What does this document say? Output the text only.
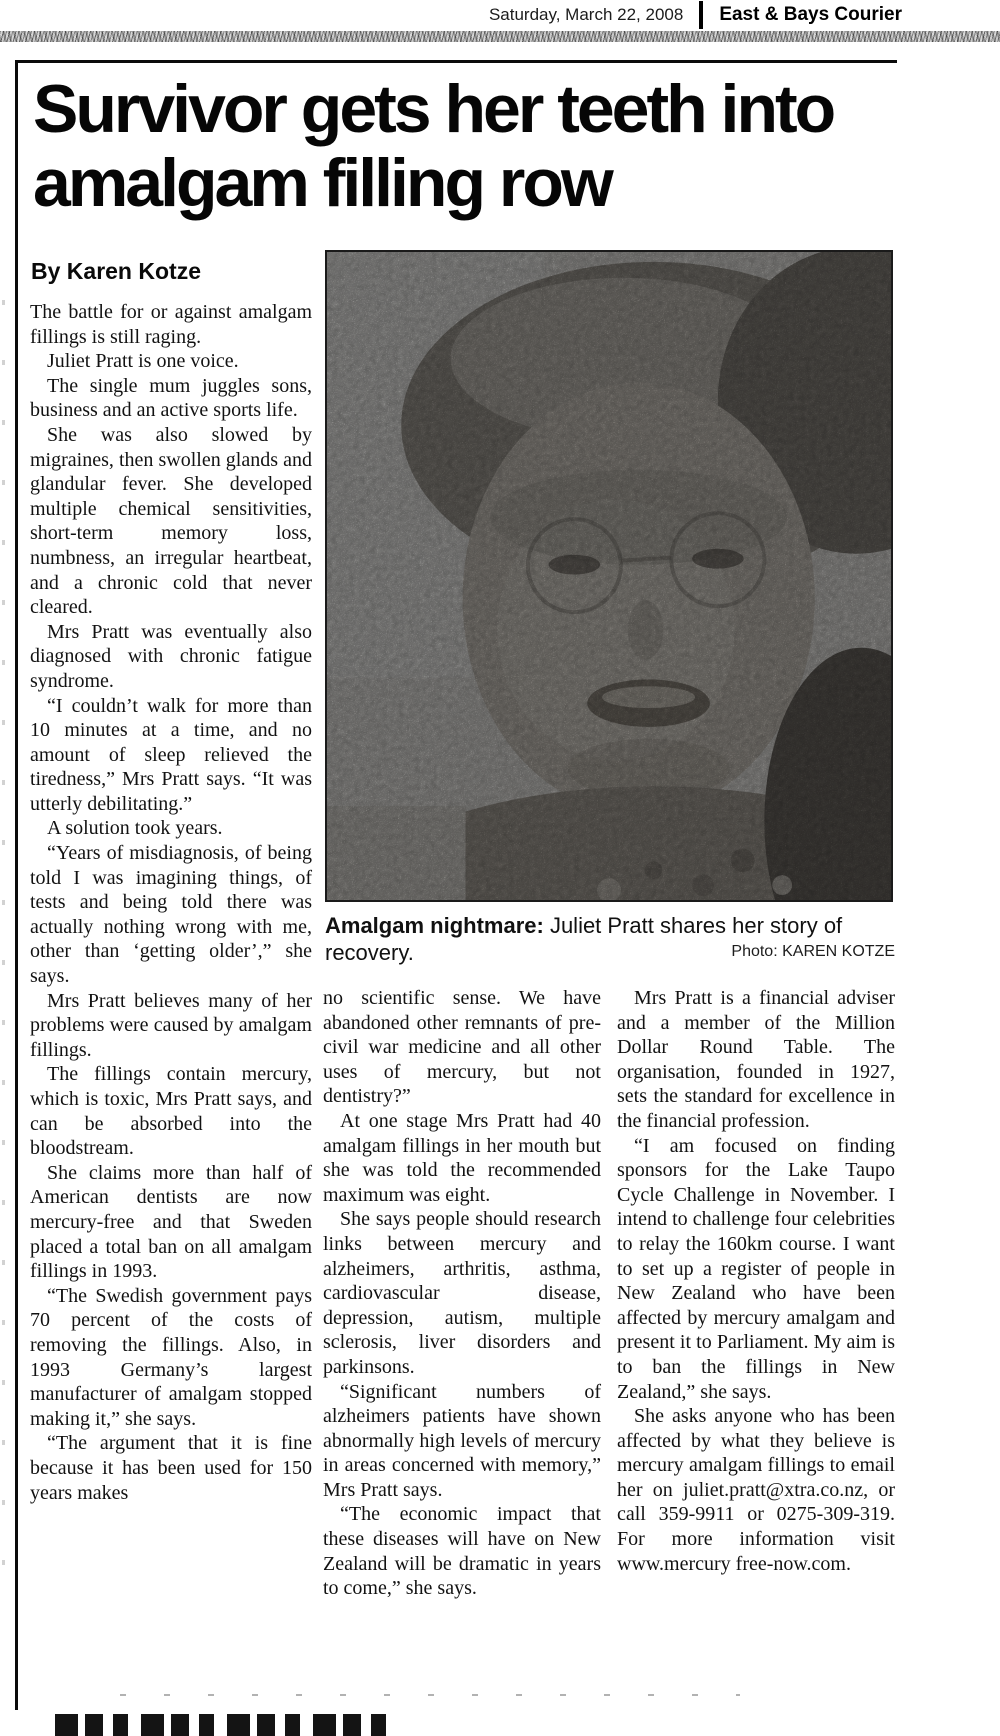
Saturday, March 22, 2008 East & Bays Courier
Survivor gets her teeth into amalgam filling row
By Karen Kotze
Amalgam nightmare: Juliet Pratt shares her story of recovery.	Photo: KAREN KOTZE

The battle for or against amalgam fillings is still raging.

Juliet Pratt is one voice.

The single mum juggles sons, business and an active sports life.

She was also slowed by migraines, then swollen glands and glandular fever. She developed multiple chemical sensitivities, short-term memory loss, numbness, an irregular heartbeat, and a chronic cold that never cleared.

Mrs Pratt was eventually also diagnosed with chronic fatigue syndrome.

“I couldn’t walk for more than 10 minutes at a time, and no amount of sleep relieved the tiredness,” Mrs Pratt says. “It was utterly debilitating.”

A solution took years.

“Years of misdiagnosis, of being told I was imagining things, of tests and being told there was actually nothing wrong with me, other than ‘getting older’,” she says.

Mrs Pratt believes many of her problems were caused by amalgam fillings.

The fillings contain mercury, which is toxic, Mrs Pratt says, and can be absorbed into the bloodstream.

She claims more than half of American dentists are now mercury-free and that Sweden placed a total ban on all amalgam fillings in 1993.

“The Swedish government pays 70 percent of the costs of removing the fillings. Also, in 1993 Germany’s largest manufacturer of amalgam stopped making it,” she says.

“The argument that it is fine because it has been used for 150 years makes

no scientific sense. We have abandoned other remnants of pre-civil war medicine and all other uses of mercury, but not dentistry?”

At one stage Mrs Pratt had 40 amalgam fillings in her mouth but she was told the recommended maximum was eight.

She says people should research links between mercury and alzheimers, arthritis, asthma, cardiovascular disease, depression, autism, multiple sclerosis, liver disorders and parkinsons.

“Significant numbers of alzheimers patients have shown abnormally high levels of mercury in areas concerned with memory,” Mrs Pratt says.

“The economic impact that these diseases will have on New Zealand will be dramatic in years to come,” she says.

Mrs Pratt is a financial adviser and a member of the Million Dollar Round Table. The organisation, founded in 1927, sets the standard for excellence in the financial profession.

“I am focused on finding sponsors for the Lake Taupo Cycle Challenge in November. I intend to challenge four celebrities to relay the 160km course. I want to set up a register of people in New Zealand who have been affected by mercury amalgam and present it to Parliament. My aim is to ban the fillings in New Zealand,” she says.

She asks anyone who has been affected by what they believe is mercury amalgam fillings to email her on juliet.pratt@xtra.co.nz, or call 359-9911 or 0275-309-319. For more information visit www.mercury free-now.com.
